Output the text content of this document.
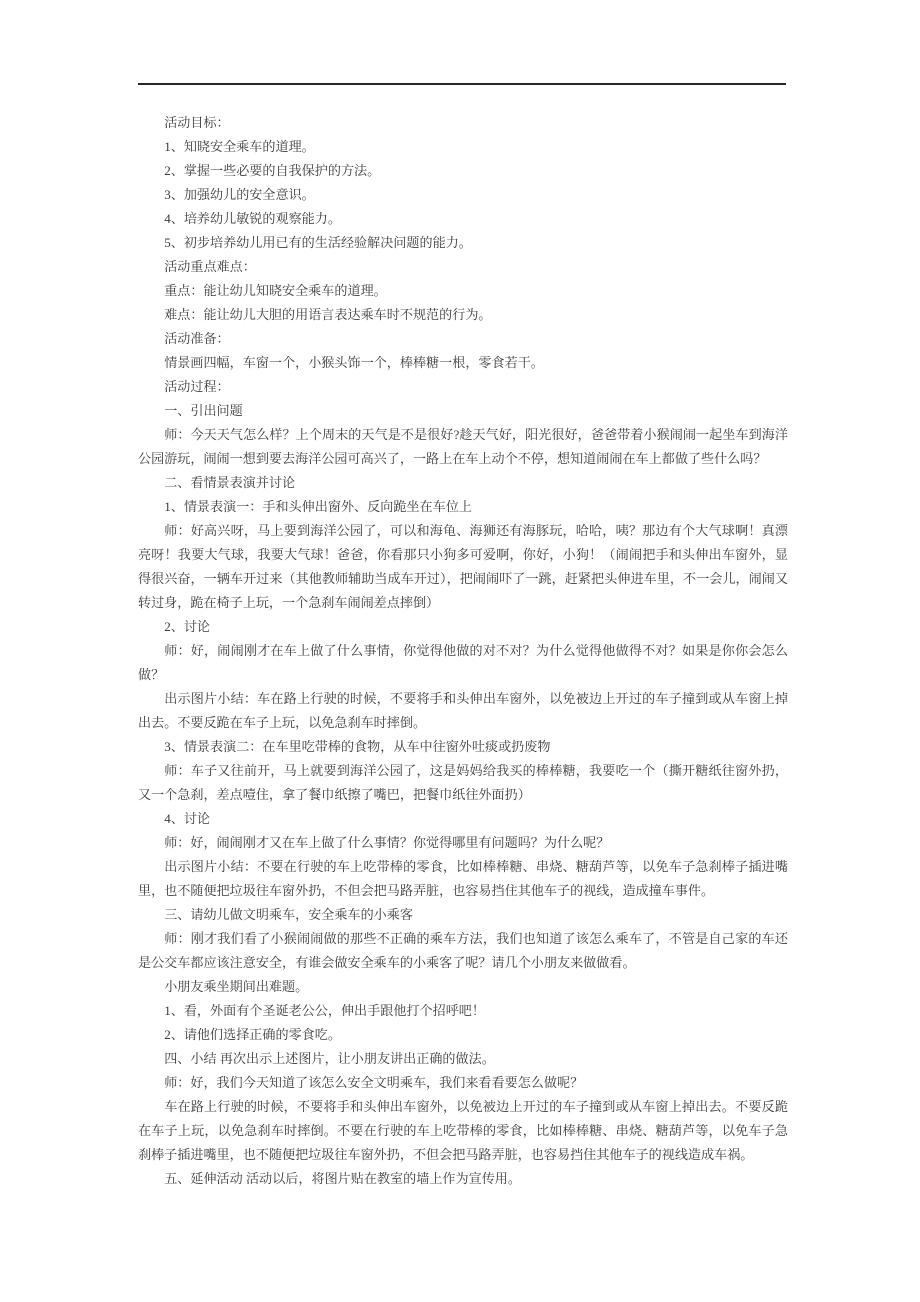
活动目标：

1、知晓安全乘车的道理。

2、掌握一些必要的自我保护的方法。

3、加强幼儿的安全意识。

4、培养幼儿敏锐的观察能力。

5、初步培养幼儿用已有的生活经验解决问题的能力。

活动重点难点：

重点：能让幼儿知晓安全乘车的道理。

难点：能让幼儿大胆的用语言表达乘车时不规范的行为。

活动准备：

情景画四幅，车窗一个，小猴头饰一个，棒棒糖一根，零食若干。

活动过程：

一、引出问题

师：今天天气怎么样？上个周末的天气是不是很好?趁天气好，阳光很好，爸爸带着小猴闹闹一起坐车到海洋公园游玩，闹闹一想到要去海洋公园可高兴了，一路上在车上动个不停，想知道闹闹在车上都做了些什么吗？

二、看情景表演并讨论

1、情景表演一：手和头伸出窗外、反向跪坐在车位上

师：好高兴呀，马上要到海洋公园了，可以和海龟、海狮还有海豚玩，哈哈，咦？那边有个大气球啊！真漂亮呀！我要大气球，我要大气球！爸爸，你看那只小狗多可爱啊，你好，小狗！（闹闹把手和头伸出车窗外，显得很兴奋，一辆车开过来（其他教师辅助当成车开过），把闹闹吓了一跳，赶紧把头伸进车里，不一会儿，闹闹又转过身，跪在椅子上玩，一个急刹车闹闹差点摔倒）

2、讨论

师：好，闹闹刚才在车上做了什么事情，你觉得他做的对不对？为什么觉得他做得不对？如果是你你会怎么做？

出示图片小结：车在路上行驶的时候，不要将手和头伸出车窗外，以免被边上开过的车子撞到或从车窗上掉出去。不要反跪在车子上玩，以免急刹车时摔倒。

3、情景表演二：在车里吃带棒的食物，从车中往窗外吐痰或扔废物

师：车子又往前开，马上就要到海洋公园了，这是妈妈给我买的棒棒糖，我要吃一个（撕开糖纸往窗外扔，又一个急刹，差点噎住，拿了餐巾纸擦了嘴巴，把餐巾纸往外面扔）

4、讨论

师：好，闹闹刚才又在车上做了什么事情？你觉得哪里有问题吗？为什么呢？

出示图片小结：不要在行驶的车上吃带棒的零食，比如棒棒糖、串烧、糖葫芦等，以免车子急刹棒子插进嘴里，也不随便把垃圾往车窗外扔，不但会把马路弄脏，也容易挡住其他车子的视线，造成撞车事件。

三、请幼儿做文明乘车，安全乘车的小乘客

师：刚才我们看了小猴闹闹做的那些不正确的乘车方法，我们也知道了该怎么乘车了，不管是自己家的车还是公交车都应该注意安全，有谁会做安全乘车的小乘客了呢？请几个小朋友来做做看。

小朋友乘坐期间出难题。

1、看，外面有个圣诞老公公，伸出手跟他打个招呼吧！

2、请他们选择正确的零食吃。

四、小结 再次出示上述图片，让小朋友讲出正确的做法。

师：好，我们今天知道了该怎么安全文明乘车，我们来看看要怎么做呢？

车在路上行驶的时候，不要将手和头伸出车窗外，以免被边上开过的车子撞到或从车窗上掉出去。不要反跪在车子上玩，以免急刹车时摔倒。不要在行驶的车上吃带棒的零食，比如棒棒糖、串烧、糖葫芦等，以免车子急刹棒子插进嘴里，也不随便把垃圾往车窗外扔，不但会把马路弄脏，也容易挡住其他车子的视线造成车祸。

五、延伸活动 活动以后，将图片贴在教室的墙上作为宣传用。
